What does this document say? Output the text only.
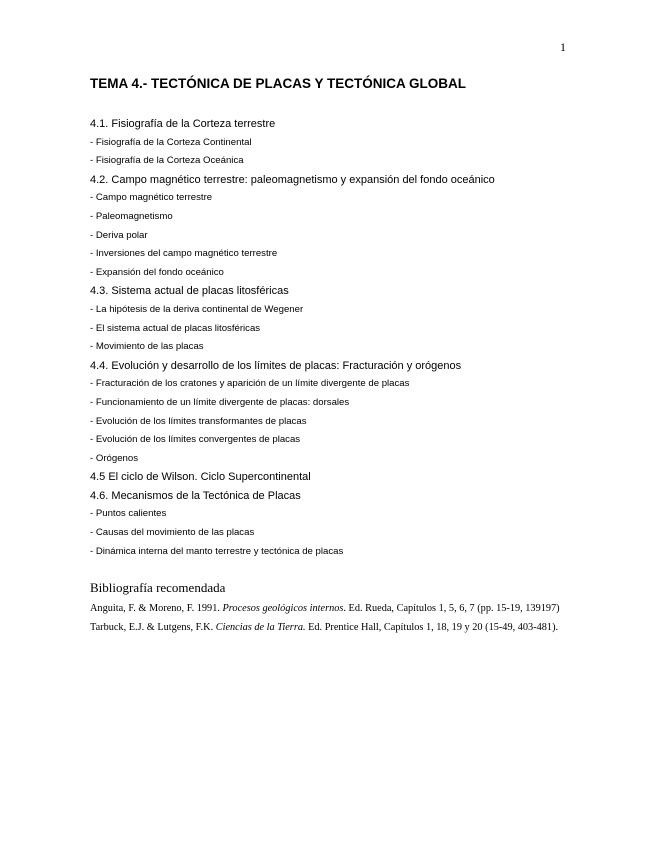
1
TEMA 4.- TECTÓNICA DE PLACAS Y TECTÓNICA GLOBAL
4.1. Fisiografía de la Corteza terrestre
- Fisiografía de la Corteza Continental
- Fisiografía de la Corteza Oceánica
4.2. Campo magnético terrestre: paleomagnetismo y expansión del fondo oceánico
- Campo magnético terrestre
- Paleomagnetismo
- Deriva polar
- Inversiones del campo magnético terrestre
- Expansión del fondo oceánico
4.3. Sistema actual de placas litosféricas
- La hipótesis de la deriva continental de Wegener
- El sistema actual de placas litosféricas
- Movimiento de las placas
4.4. Evolución y desarrollo de los límites de placas: Fracturación y orógenos
- Fracturación de los cratones y aparición de un límite divergente de placas
- Funcionamiento de un límite divergente de placas: dorsales
- Evolución de los límites transformantes de placas
- Evolución de los límites convergentes de placas
- Orógenos
4.5 El ciclo de Wilson. Ciclo Supercontinental
4.6. Mecanismos de la Tectónica de Placas
- Puntos calientes
- Causas del movimiento de las placas
- Dinámica interna del manto terrestre y tectónica de placas
Bibliografía recomendada

Anguita, F. & Moreno, F. 1991. Procesos geológicos internos. Ed. Rueda, Capítulos 1, 5, 6, 7 (pp. 15-19, 139197)

Tarbuck, E.J. & Lutgens, F.K. Ciencias de la Tierra. Ed. Prentice Hall, Capítulos 1, 18, 19 y 20 (15-49, 403-481).
